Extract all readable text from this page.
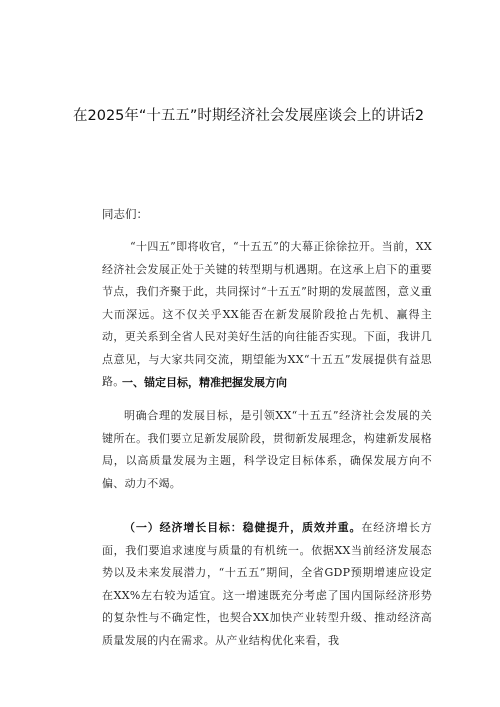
在2025年“十五五”时期经济社会发展座谈会上的讲话2
同志们：
“十四五”即将收官，“十五五”的大幕正徐徐拉开。当前，XX经济社会发展正处于关键的转型期与机遇期。在这承上启下的重要节点，我们齐聚于此，共同探讨“十五五”时期的发展蓝图，意义重大而深远。这不仅关乎XX能否在新发展阶段抢占先机、赢得主动，更关系到全省人民对美好生活的向往能否实现。下面，我讲几点意见，与大家共同交流，期望能为XX“十五五”发展提供有益思路。
一、锚定目标，精准把握发展方向
明确合理的发展目标，是引领XX“十五五”经济社会发展的关键所在。我们要立足新发展阶段，贯彻新发展理念，构建新发展格局，以高质量发展为主题，科学设定目标体系，确保发展方向不偏、动力不竭。
（一）经济增长目标：稳健提升，质效并重。在经济增长方面，我们要追求速度与质量的有机统一。依据XX当前经济发展态势以及未来发展潜力，“十五五”期间，全省GDP预期增速应设定在XX%左右较为适宜。这一增速既充分考虑了国内国际经济形势的复杂性与不确定性，也契合XX加快产业转型升级、推动经济高质量发展的内在需求。从产业结构优化来看，我
